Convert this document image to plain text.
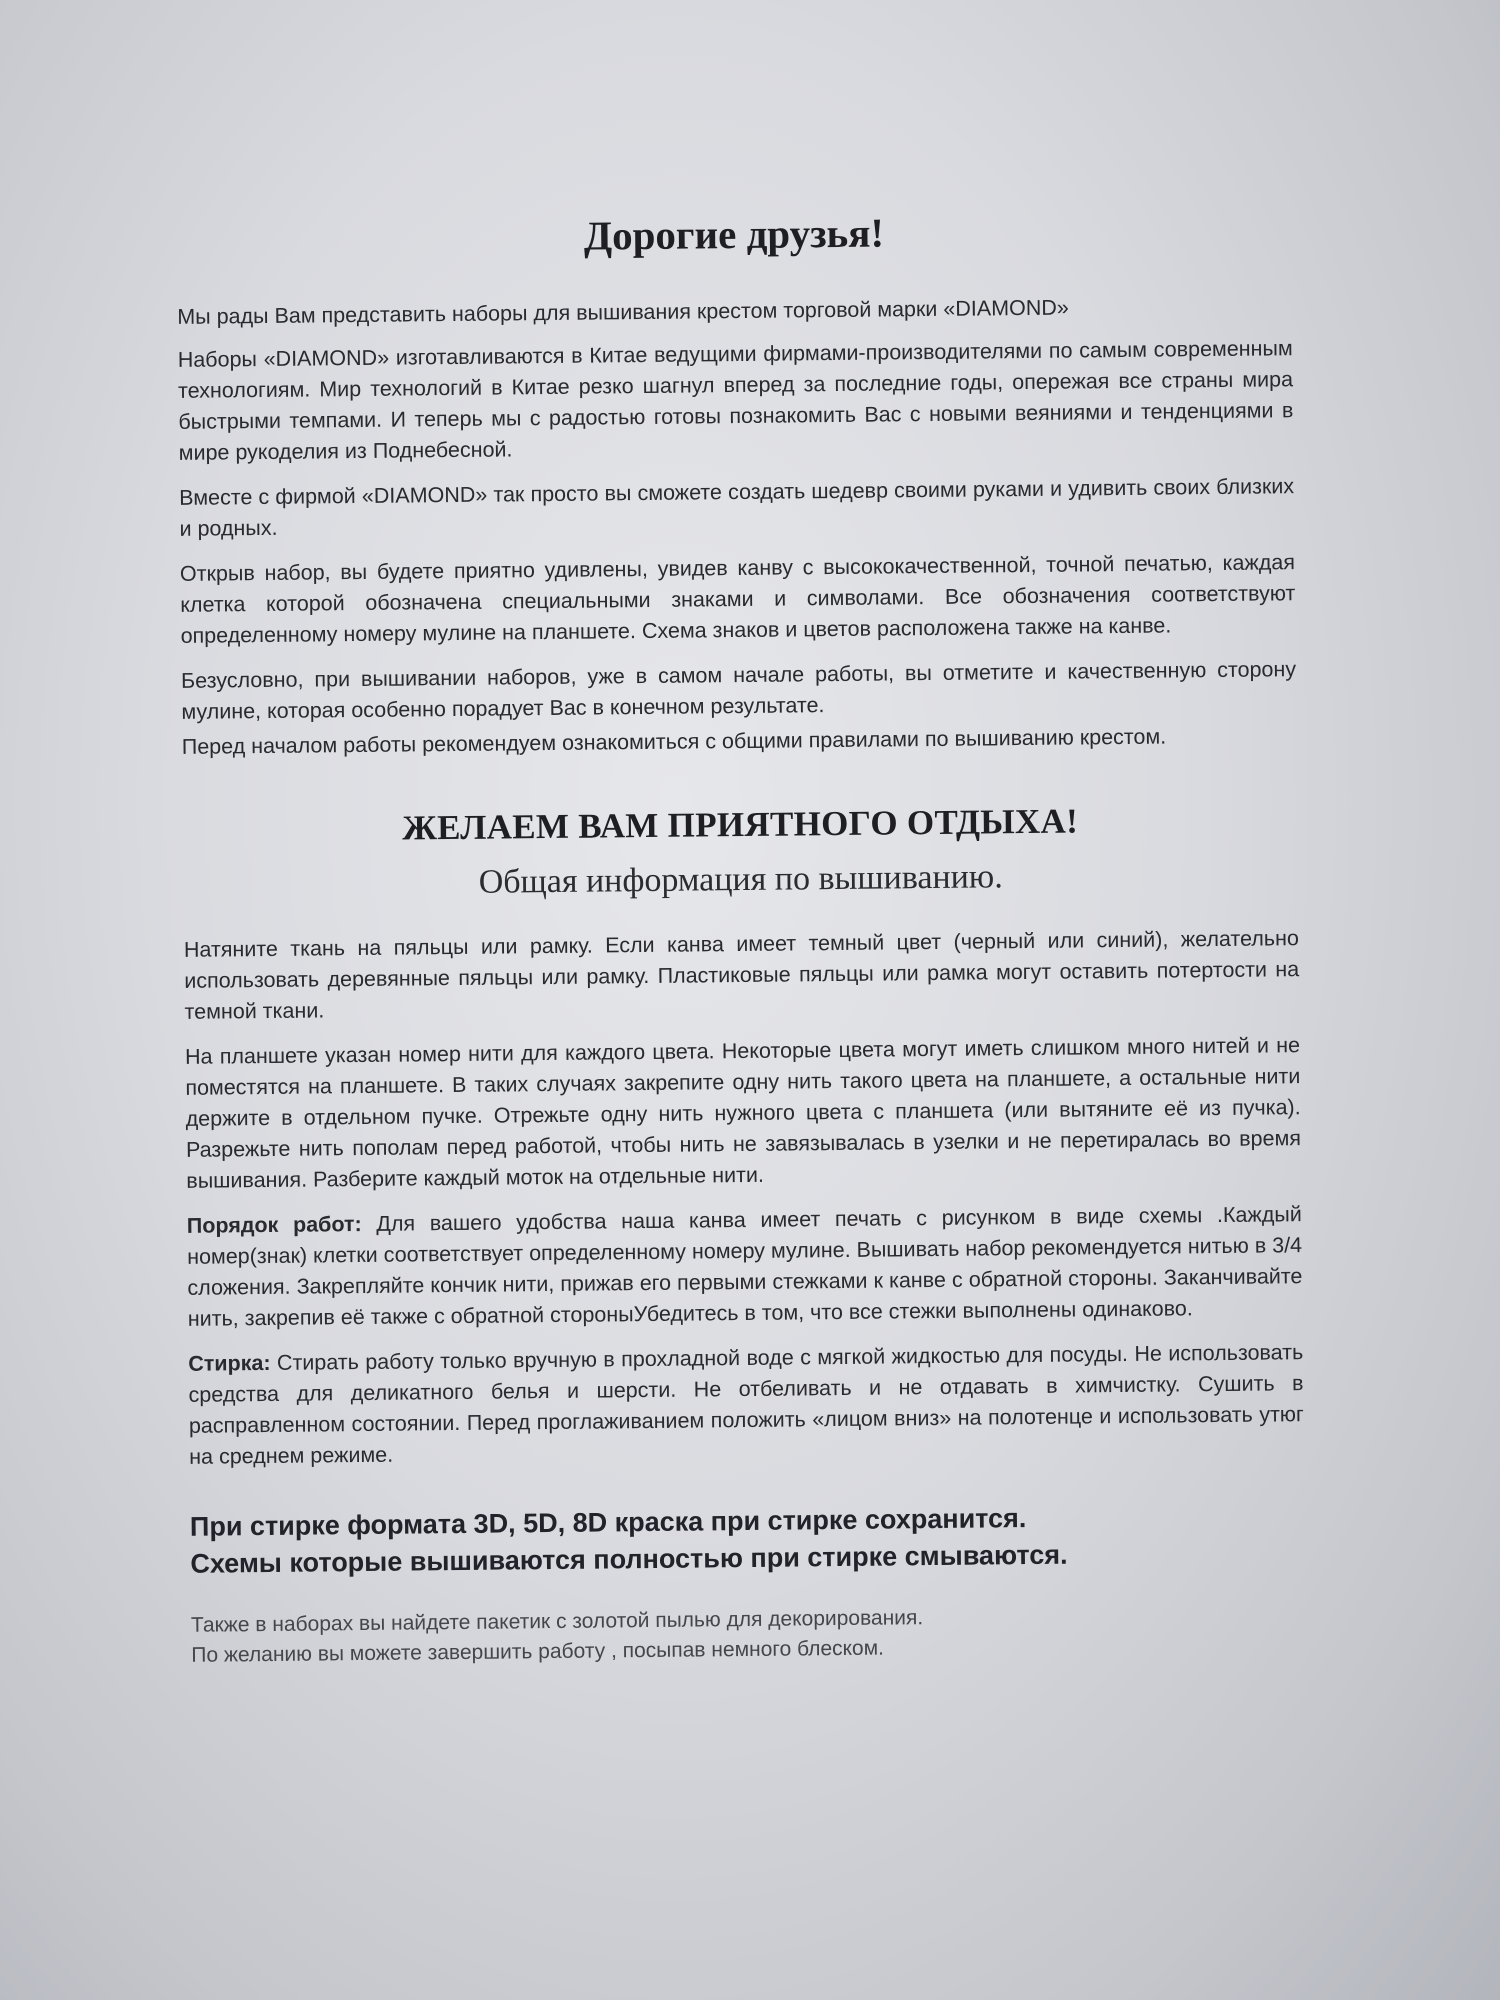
Дорогие друзья!

Мы рады Вам представить наборы для вышивания крестом торговой марки «DIAMOND»

Наборы «DIAMOND» изготавливаются в Китае ведущими фирмами-производителями по самым современным технологиям. Мир технологий в Китае резко шагнул вперед за последние годы, опережая все страны мира быстрыми темпами. И теперь мы с радостью готовы познакомить Вас с новыми веяниями и тенденциями в мире рукоделия из Поднебесной.

Вместе с фирмой «DIAMOND» так просто вы сможете создать шедевр своими руками и удивить своих близких и родных.

Открыв набор, вы будете приятно удивлены, увидев канву с высококачественной, точной печатью, каждая клетка которой обозначена специальными знаками и символами. Все обозначения соответствуют определенному номеру мулине на планшете. Схема знаков и цветов расположена также на канве.

Безусловно, при вышивании наборов, уже в самом начале работы, вы отметите и качественную сторону мулине, которая особенно порадует Вас в конечном результате.

Перед началом работы рекомендуем ознакомиться с общими правилами по вышиванию крестом.

ЖЕЛАЕМ ВАМ ПРИЯТНОГО ОТДЫХА!
Общая информация по вышиванию.

Натяните ткань на пяльцы или рамку. Если канва имеет темный цвет (черный или синий), желательно использовать деревянные пяльцы или рамку. Пластиковые пяльцы или рамка могут оставить потертости на темной ткани.

На планшете указан номер нити для каждого цвета. Некоторые цвета могут иметь слишком много нитей и не поместятся на планшете. В таких случаях закрепите одну нить такого цвета на планшете, а остальные нити держите в отдельном пучке. Отрежьте одну нить нужного цвета с планшета (или вытяните её из пучка). Разрежьте нить пополам перед работой, чтобы нить не завязывалась в узелки и не перетиралась во время вышивания. Разберите каждый моток на отдельные нити.

Порядок работ: Для вашего удобства наша канва имеет печать с рисунком в виде схемы .Каждый номер(знак) клетки соответствует определенному номеру мулине. Вышивать набор рекомендуется нитью в 3/4 сложения. Закрепляйте кончик нити, прижав его первыми стежками к канве с обратной стороны. Заканчивайте нить, закрепив её также с обратной стороныУбедитесь в том, что все стежки выполнены одинаково.

Стирка: Стирать работу только вручную в прохладной воде с мягкой жидкостью для посуды. Не использовать средства для деликатного белья и шерсти. Не отбеливать и не отдавать в химчистку. Сушить в расправленном состоянии. Перед проглаживанием положить «лицом вниз» на полотенце и использовать утюг на среднем режиме.

При стирке формата 3D, 5D, 8D краска при стирке сохранится.
Схемы которые вышиваются полностью при стирке смываются.
Также в наборах вы найдете пакетик с золотой пылью для декорирования.
По желанию вы можете завершить работу , посыпав немного блеском.
